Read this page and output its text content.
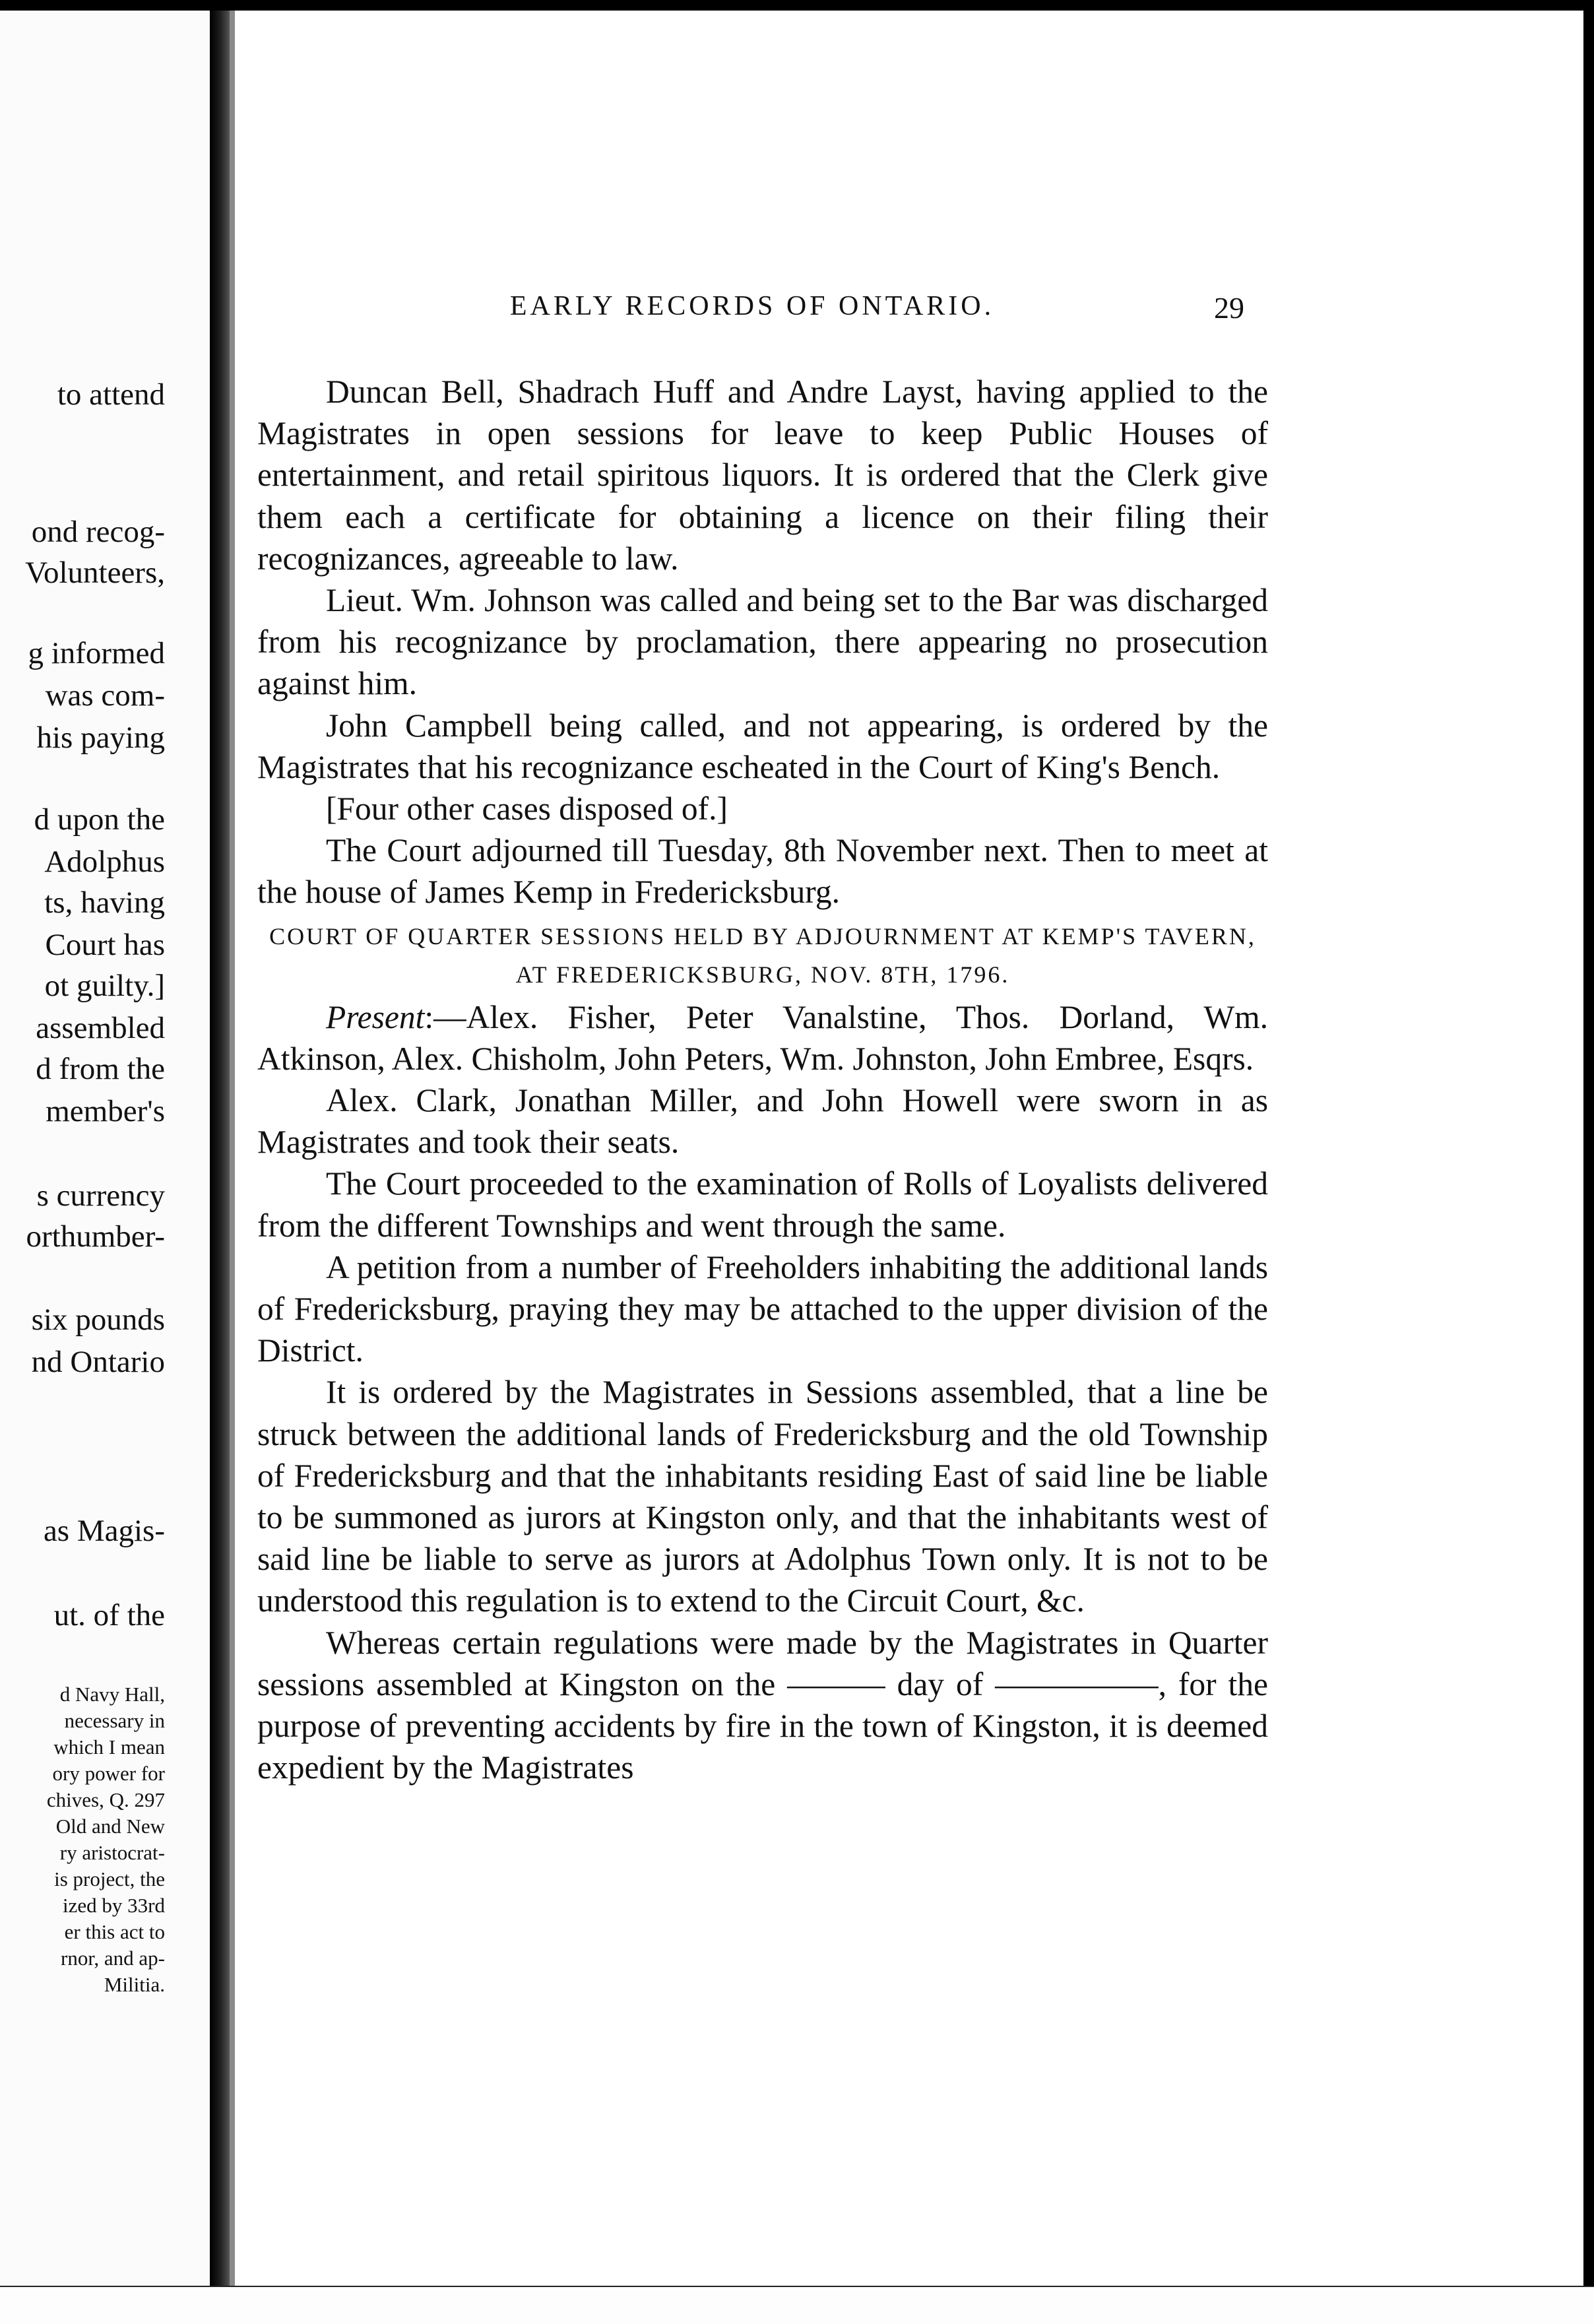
to attend
ond recog-
Volunteers,
g informed
was com-
his paying
d upon the
Adolphus
ts, having
Court has
ot guilty.]
assembled
d from the
member's
s currency
orthumber-
six pounds
nd Ontario
as Magis-
ut. of the
d Navy Hall,
necessary in
which I mean
ory power for
chives, Q. 297
Old and New
ry aristocrat-
is project, the
ized by 33rd
er this act to
rnor, and ap-
Militia.
EARLY RECORDS OF ONTARIO.	29

Duncan Bell, Shadrach Huff and Andre Layst, having applied to the Magistrates in open sessions for leave to keep Public Houses of entertainment, and retail spiritous liquors. It is ordered that the Clerk give them each a certificate for obtaining a licence on their filing their recognizances, agreeable to law.

Lieut. Wm. Johnson was called and being set to the Bar was discharged from his recognizance by proclamation, there appearing no prosecution against him.

John Campbell being called, and not appearing, is ordered by the Magistrates that his recognizance escheated in the Court of King's Bench.

[Four other cases disposed of.]

The Court adjourned till Tuesday, 8th November next. Then to meet at the house of James Kemp in Fredericksburg.

COURT OF QUARTER SESSIONS HELD BY ADJOURNMENT AT KEMP'S TAVERN, AT FREDERICKSBURG, NOV. 8TH, 1796.

Present:—Alex. Fisher, Peter Vanalstine, Thos. Dorland, Wm. Atkinson, Alex. Chisholm, John Peters, Wm. Johnston, John Embree, Esqrs.

Alex. Clark, Jonathan Miller, and John Howell were sworn in as Magistrates and took their seats.

The Court proceeded to the examination of Rolls of Loyalists delivered from the different Townships and went through the same.

A petition from a number of Freeholders inhabiting the additional lands of Fredericksburg, praying they may be attached to the upper division of the District.

It is ordered by the Magistrates in Sessions assembled, that a line be struck between the additional lands of Fredericksburg and the old Township of Fredericksburg and that the inhabitants residing East of said line be liable to be summoned as jurors at Kingston only, and that the inhabitants west of said line be liable to serve as jurors at Adolphus Town only. It is not to be understood this regulation is to extend to the Circuit Court, &c.

Whereas certain regulations were made by the Magistrates in Quarter sessions assembled at Kingston on the ——— day of —————, for the purpose of preventing accidents by fire in the town of Kingston, it is deemed expedient by the Magistrates
